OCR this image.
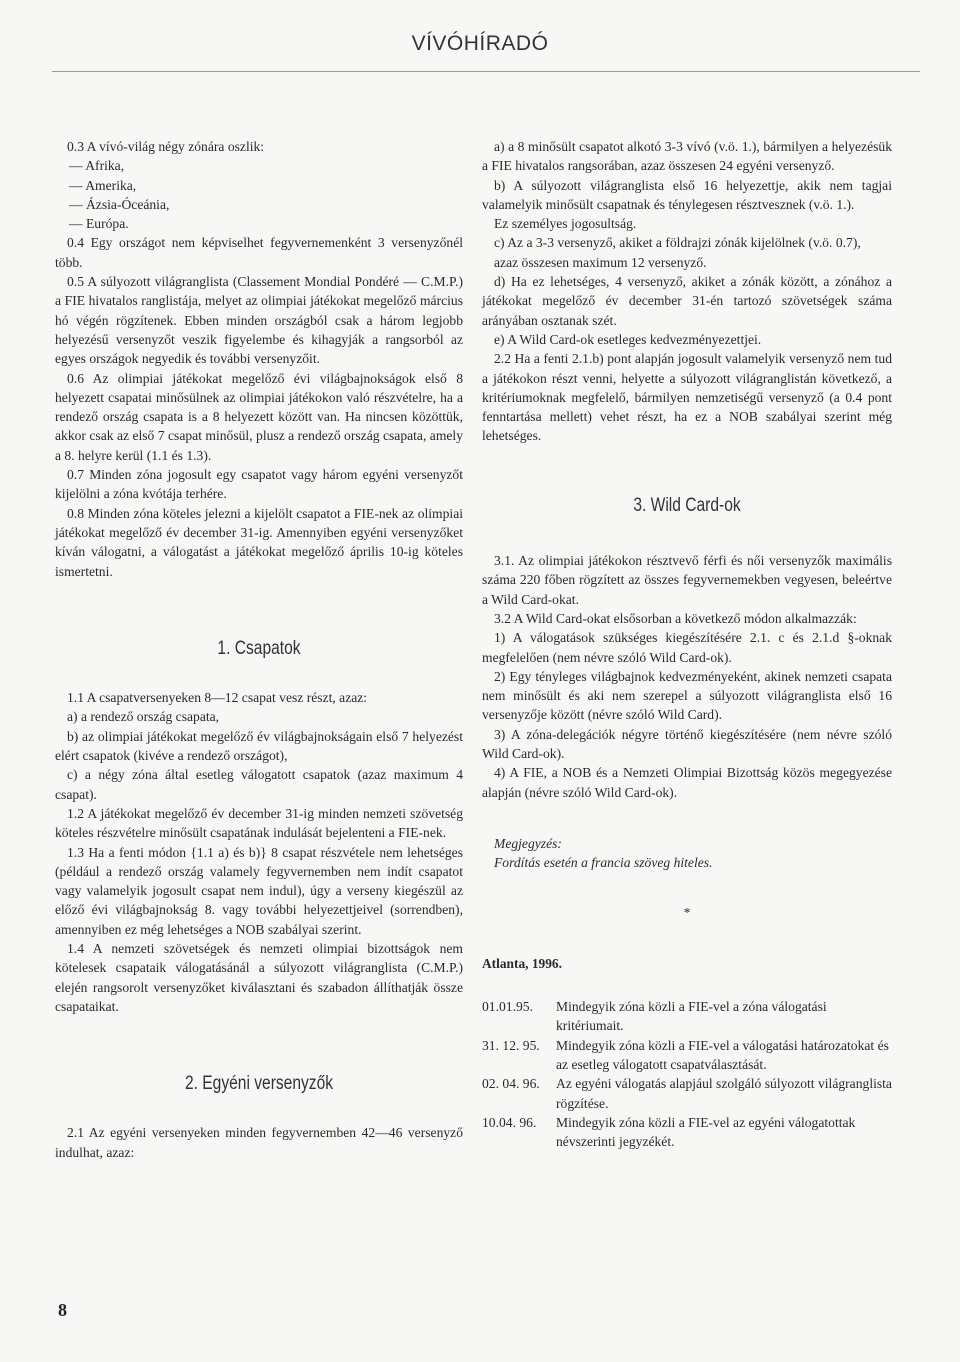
VÍVÓHÍRADÓ

0.3 A vívó-világ négy zónára oszlik:

— Afrika,

— Amerika,

— Ázsia-Óceánia,

— Európa.

0.4 Egy országot nem képviselhet fegyvernemenként 3 versenyzőnél több.

0.5 A súlyozott világranglista (Classement Mondial Pondéré — C.M.P.) a FIE hivatalos ranglistája, melyet az olimpiai játékokat megelőző március hó végén rögzítenek. Ebben minden országból csak a három legjobb helyezésű versenyzőt veszik figyelembe és kihagyják a rangsorból az egyes országok negyedik és további versenyzőit.

0.6 Az olimpiai játékokat megelőző évi világbajnokságok első 8 helyezett csapatai minősülnek az olimpiai játékokon való részvételre, ha a rendező ország csapata is a 8 helyezett között van. Ha nincsen közöttük, akkor csak az első 7 csapat minősül, plusz a rendező ország csapata, amely a 8. helyre kerül (1.1 és 1.3).

0.7 Minden zóna jogosult egy csapatot vagy három egyéni versenyzőt kijelölni a zóna kvótája terhére.

0.8 Minden zóna köteles jelezni a kijelölt csapatot a FIE-nek az olimpiai játékokat megelőző év december 31-ig. Amennyiben egyéni versenyzőket kíván válogatni, a válogatást a játékokat megelőző április 10-ig köteles ismertetni.

1. Csapatok

1.1 A csapatversenyeken 8—12 csapat vesz részt, azaz:

a) a rendező ország csapata,

b) az olimpiai játékokat megelőző év világbajnokságain első 7 helyezést elért csapatok (kivéve a rendező országot),

c) a négy zóna által esetleg válogatott csapatok (azaz maximum 4 csapat).

1.2 A játékokat megelőző év december 31-ig minden nemzeti szövetség köteles részvételre minősült csapatának indulását bejelenteni a FIE-nek.

1.3 Ha a fenti módon {1.1 a) és b)} 8 csapat részvétele nem lehetséges (például a rendező ország valamely fegyvernemben nem indít csapatot vagy valamelyik jogosult csapat nem indul), úgy a verseny kiegészül az előző évi világbajnokság 8. vagy további helyezettjeivel (sorrendben), amennyiben ez még lehetséges a NOB szabályai szerint.

1.4 A nemzeti szövetségek és nemzeti olimpiai bizottságok nem kötelesek csapataik válogatásánál a súlyozott világranglista (C.M.P.) elején rangsorolt versenyzőket kiválasztani és szabadon állíthatják össze csapataikat.

2. Egyéni versenyzők

2.1 Az egyéni versenyeken minden fegyvernemben 42—46 versenyző indulhat, azaz:

a) a 8 minősült csapatot alkotó 3-3 vívó (v.ö. 1.), bármilyen a helyezésük a FIE hivatalos rangsorában, azaz összesen 24 egyéni versenyző.

b) A súlyozott világranglista első 16 helyezettje, akik nem tagjai valamelyik minősült csapatnak és ténylegesen résztvesznek (v.ö. 1.).

Ez személyes jogosultság.

c) Az a 3-3 versenyző, akiket a földrajzi zónák kijelölnek (v.ö. 0.7),

azaz összesen maximum 12 versenyző.

d) Ha ez lehetséges, 4 versenyző, akiket a zónák között, a zónához a játékokat megelőző év december 31-én tartozó szövetségek száma arányában osztanak szét.

e) A Wild Card-ok esetleges kedvezményezettjei.

2.2 Ha a fenti 2.1.b) pont alapján jogosult valamelyik versenyző nem tud a játékokon részt venni, helyette a súlyozott világranglistán következő, a kritériumoknak megfelelő, bármilyen nemzetiségű versenyző (a 0.4 pont fenntartása mellett) vehet részt, ha ez a NOB szabályai szerint még lehetséges.

3. Wild Card-ok

3.1. Az olimpiai játékokon résztvevő férfi és női versenyzők maximális száma 220 főben rögzített az összes fegyvernemekben vegyesen, beleértve a Wild Card-okat.

3.2 A Wild Card-okat elsősorban a következő módon alkalmazzák:

1) A válogatások szükséges kiegészítésére 2.1. c és 2.1.d §-oknak megfelelően (nem névre szóló Wild Card-ok).

2) Egy tényleges világbajnok kedvezményeként, akinek nemzeti csapata nem minősült és aki nem szerepel a súlyozott világranglista első 16 versenyzője között (névre szóló Wild Card).

3) A zóna-delegációk négyre történő kiegészítésére (nem névre szóló Wild Card-ok).

4) A FIE, a NOB és a Nemzeti Olimpiai Bizottság közös megegyezése alapján (névre szóló Wild Card-ok).

Megjegyzés:

Fordítás esetén a francia szöveg hiteles.

*

Atlanta, 1996.

01.01.95.	Mindegyik zóna közli a FIE-vel a zóna válogatási kritériumait.
31. 12. 95.	Mindegyik zóna közli a FIE-vel a válogatási határozatokat és az esetleg válogatott csapatválasztását.
02. 04. 96.	Az egyéni válogatás alapjául szolgáló súlyozott világranglista rögzítése.
10.04. 96.	Mindegyik zóna közli a FIE-vel az egyéni válogatottak névszerinti jegyzékét.
8
